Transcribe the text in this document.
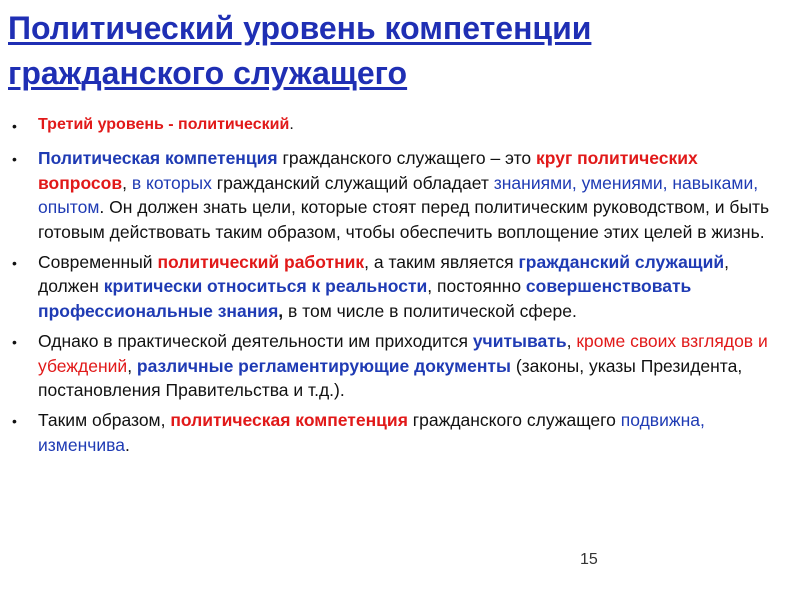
Политический уровень компетенции
гражданского служащего
• Третий уровень - политический.
• Политическая компетенция гражданского служащего – это круг политических вопросов, в которых гражданский служащий обладает знаниями, умениями, навыками, опытом. Он должен знать цели, которые стоят перед политическим руководством, и быть готовым действовать таким образом, чтобы обеспечить воплощение этих целей в жизнь.
• Современный политический работник, а таким является гражданский служащий, должен критически относиться к реальности, постоянно совершенствовать профессиональные знания, в том числе в политической сфере.
• Однако в практической деятельности им приходится учитывать, кроме своих взглядов и убеждений, различные регламентирующие документы (законы, указы Президента, постановления Правительства и т.д.).
• Таким образом, политическая компетенция гражданского служащего подвижна, изменчива.
15
